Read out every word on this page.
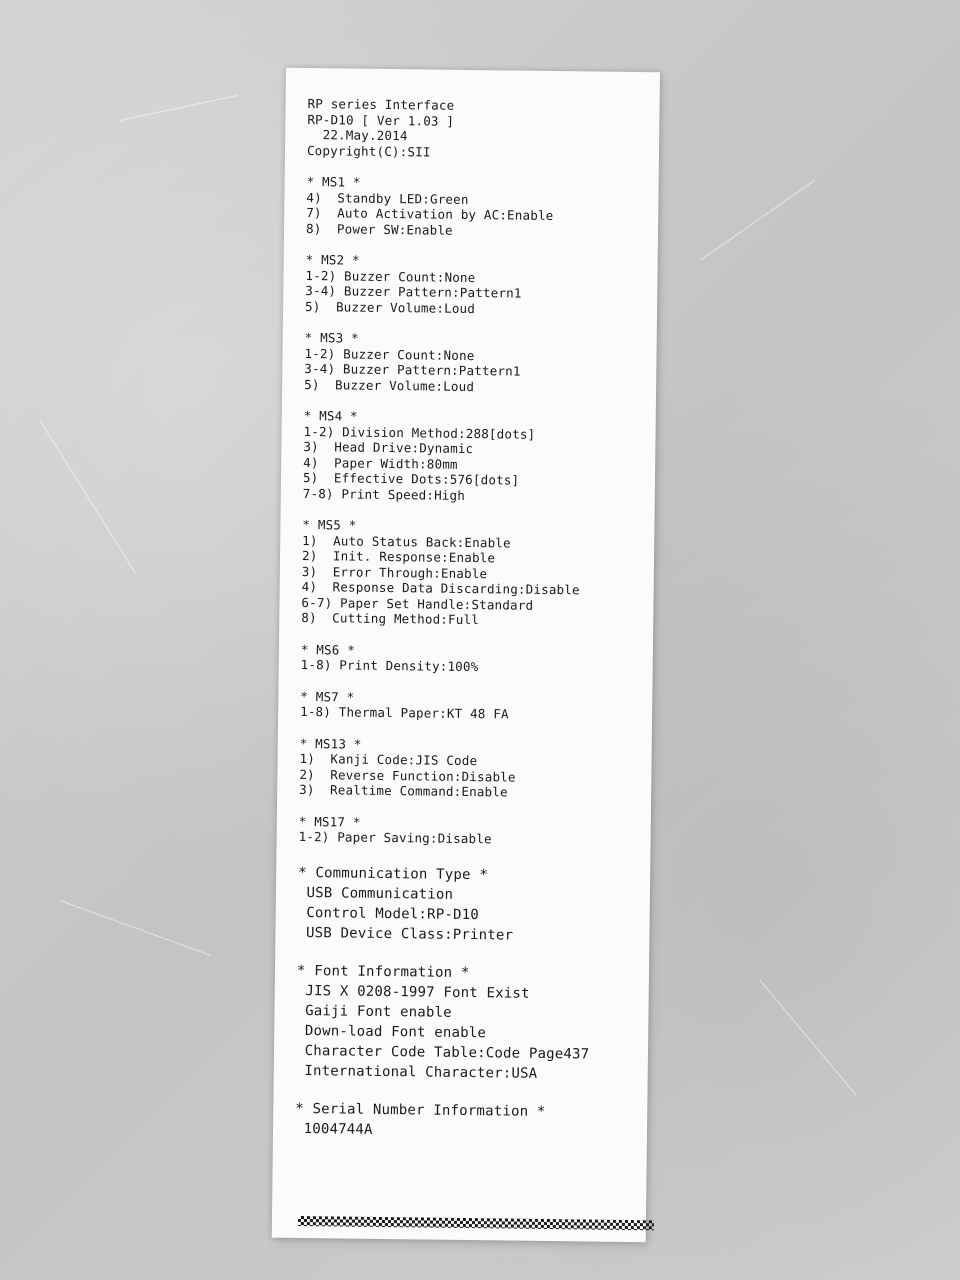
RP series Interface
RP-D10 [ Ver 1.03 ]
22.May.2014
Copyright(C):SII
* MS1 *
4)  Standby LED:Green
7)  Auto Activation by AC:Enable
8)  Power SW:Enable
* MS2 *
1-2) Buzzer Count:None
3-4) Buzzer Pattern:Pattern1
5)  Buzzer Volume:Loud
* MS3 *
1-2) Buzzer Count:None
3-4) Buzzer Pattern:Pattern1
5)  Buzzer Volume:Loud
* MS4 *
1-2) Division Method:288[dots]
3)  Head Drive:Dynamic
4)  Paper Width:80mm
5)  Effective Dots:576[dots]
7-8) Print Speed:High
* MS5 *
1)  Auto Status Back:Enable
2)  Init. Response:Enable
3)  Error Through:Enable
4)  Response Data Discarding:Disable
6-7) Paper Set Handle:Standard
8)  Cutting Method:Full
* MS6 *
1-8) Print Density:100%
* MS7 *
1-8) Thermal Paper:KT 48 FA
* MS13 *
1)  Kanji Code:JIS Code
2)  Reverse Function:Disable
3)  Realtime Command:Enable
* MS17 *
1-2) Paper Saving:Disable
* Communication Type *
USB Communication
Control Model:RP-D10
USB Device Class:Printer
* Font Information *
JIS X 0208-1997 Font Exist
Gaiji Font enable
Down-load Font enable
Character Code Table:Code Page437
International Character:USA
* Serial Number Information *
1004744A
